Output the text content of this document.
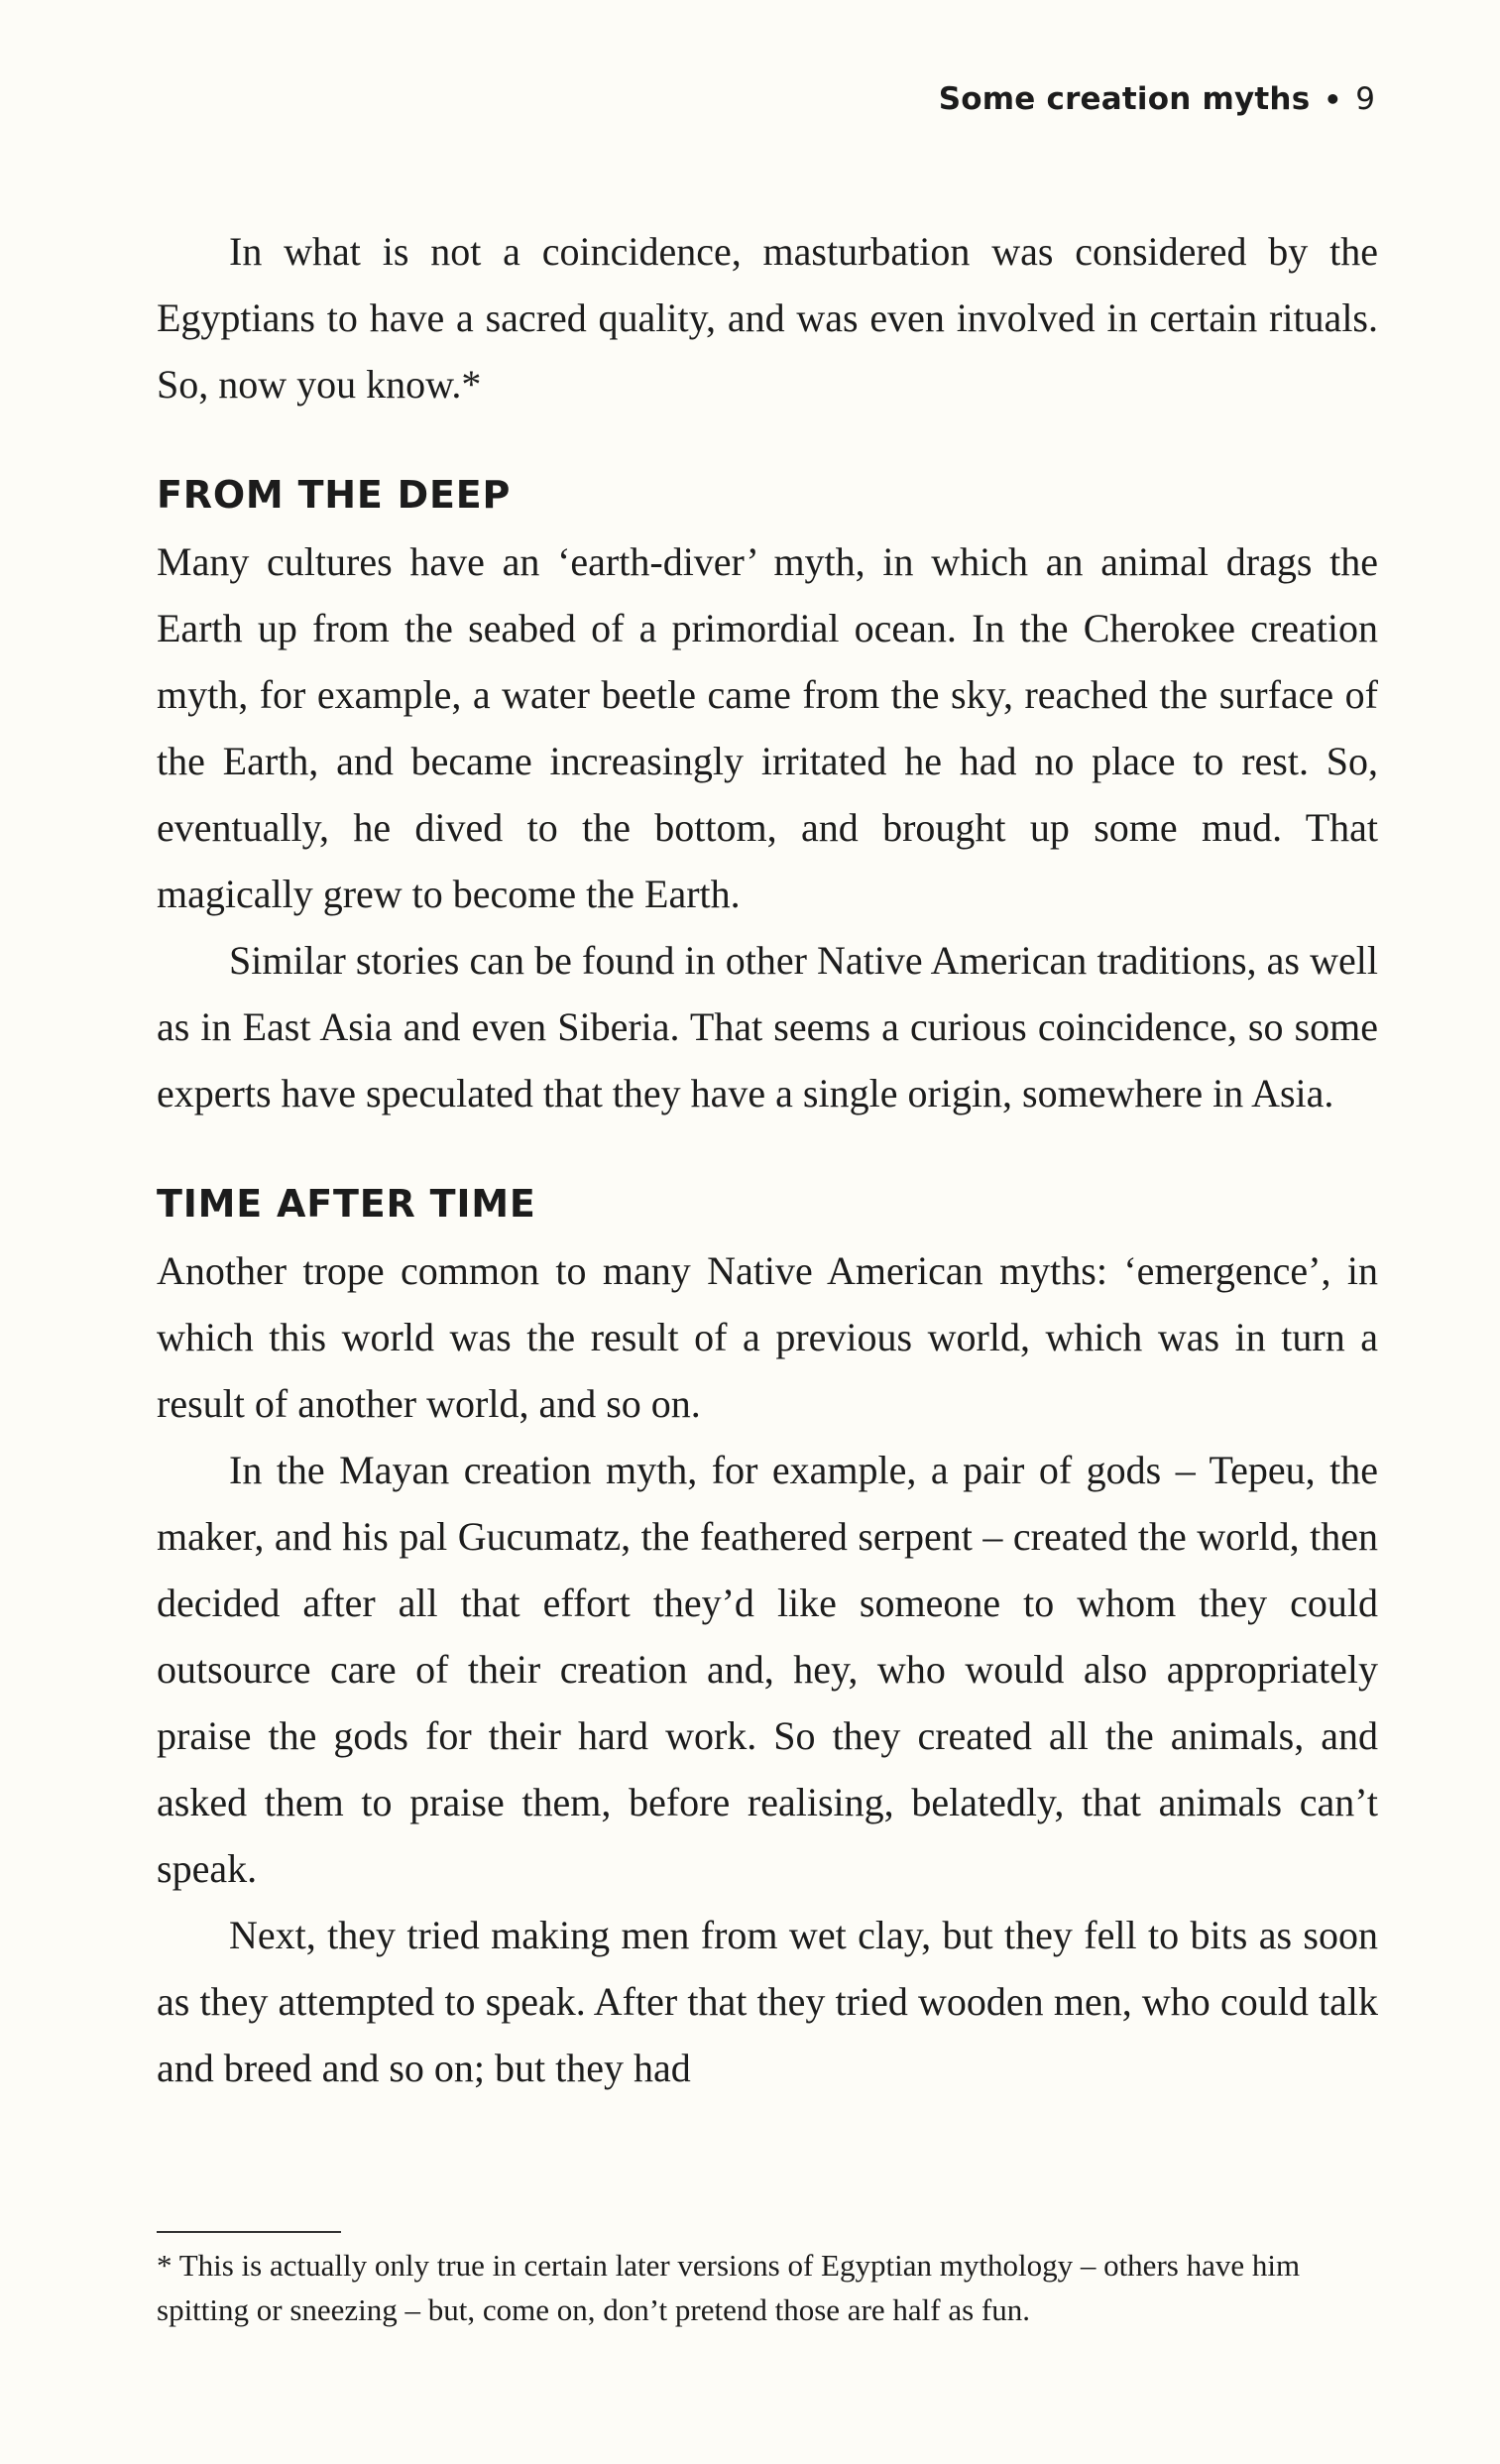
Some creation myths • 9

In what is not a coincidence, masturbation was considered by the Egyptians to have a sacred quality, and was even involved in certain rituals. So, now you know.*

FROM THE DEEP

Many cultures have an ‘earth-diver’ myth, in which an animal drags the Earth up from the seabed of a primordial ocean. In the Cherokee creation myth, for example, a water beetle came from the sky, reached the surface of the Earth, and became increasingly irritated he had no place to rest. So, eventually, he dived to the bottom, and brought up some mud. That magically grew to become the Earth.

Similar stories can be found in other Native American traditions, as well as in East Asia and even Siberia. That seems a curious coincidence, so some experts have speculated that they have a single origin, somewhere in Asia.

TIME AFTER TIME

Another trope common to many Native American myths: ‘emergence’, in which this world was the result of a previous world, which was in turn a result of another world, and so on.

In the Mayan creation myth, for example, a pair of gods – Tepeu, the maker, and his pal Gucumatz, the feathered serpent – created the world, then decided after all that effort they’d like someone to whom they could outsource care of their creation and, hey, who would also appropriately praise the gods for their hard work. So they created all the animals, and asked them to praise them, before realising, belatedly, that animals can’t speak.

Next, they tried making men from wet clay, but they fell to bits as soon as they attempted to speak. After that they tried wooden men, who could talk and breed and so on; but they had

* This is actually only true in certain later versions of Egyptian mythology – others have him spitting or sneezing – but, come on, don’t pretend those are half as fun.
